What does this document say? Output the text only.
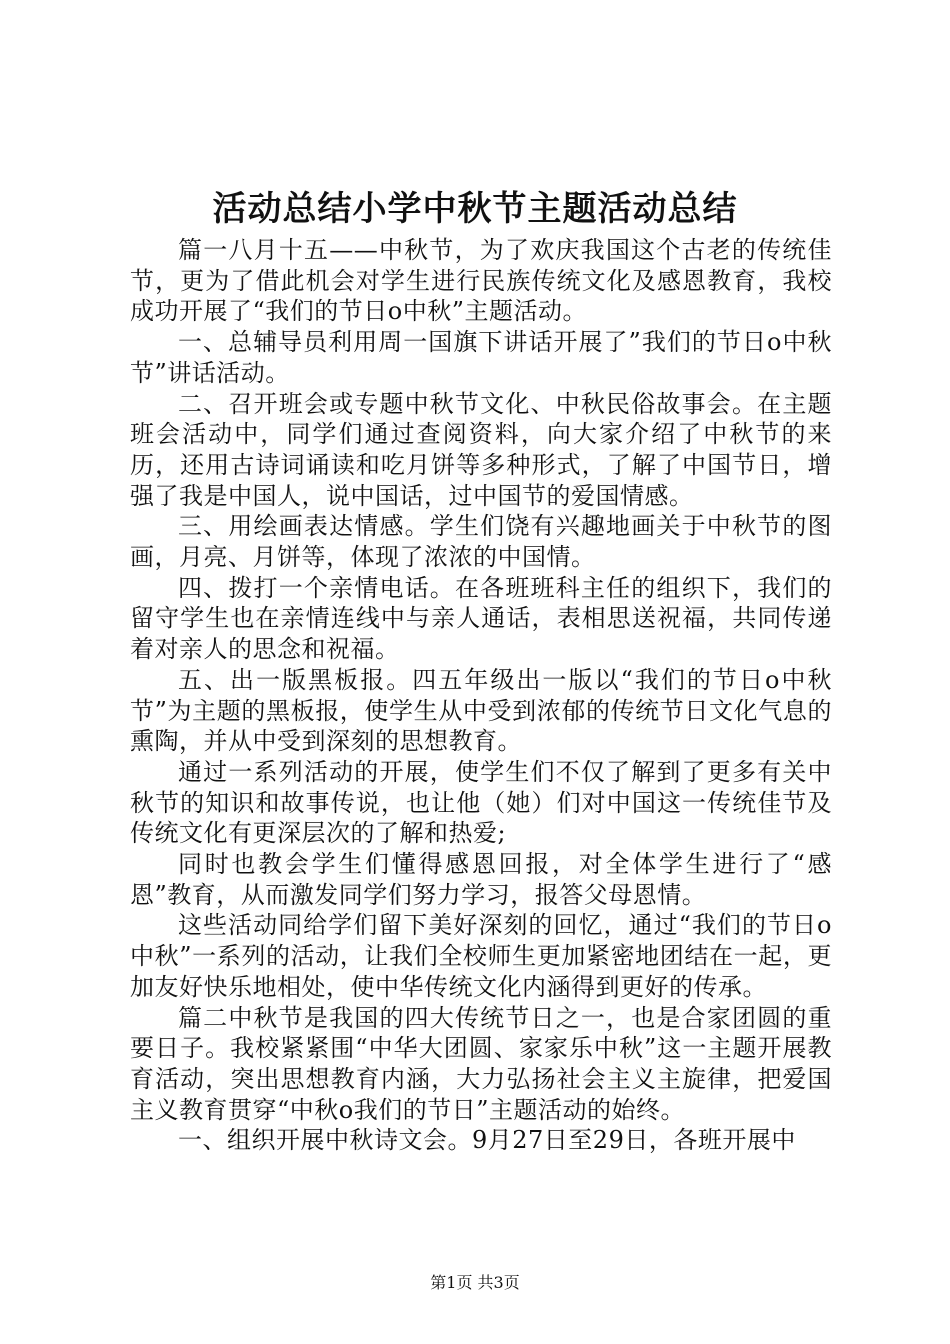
活动总结小学中秋节主题活动总结

篇一八月十五——中秋节，为了欢庆我国这个古老的传统佳节，更为了借此机会对学生进行民族传统文化及感恩教育，我校成功开展了“我们的节日o中秋”主题活动。

一、总辅导员利用周一国旗下讲话开展了”我们的节日o中秋节”讲话活动。

二、召开班会或专题中秋节文化、中秋民俗故事会。在主题班会活动中，同学们通过查阅资料，向大家介绍了中秋节的来历，还用古诗词诵读和吃月饼等多种形式，了解了中国节日，增强了我是中国人，说中国话，过中国节的爱国情感。

三、用绘画表达情感。学生们饶有兴趣地画关于中秋节的图画，月亮、月饼等，体现了浓浓的中国情。

四、拨打一个亲情电话。在各班班科主任的组织下，我们的留守学生也在亲情连线中与亲人通话，表相思送祝福，共同传递着对亲人的思念和祝福。

五、出一版黑板报。四五年级出一版以“我们的节日o中秋节”为主题的黑板报，使学生从中受到浓郁的传统节日文化气息的熏陶，并从中受到深刻的思想教育。

通过一系列活动的开展，使学生们不仅了解到了更多有关中秋节的知识和故事传说，也让他（她）们对中国这一传统佳节及传统文化有更深层次的了解和热爱;

同时也教会学生们懂得感恩回报，对全体学生进行了“感恩”教育，从而激发同学们努力学习，报答父母恩情。

这些活动同给学们留下美好深刻的回忆，通过“我们的节日o中秋”一系列的活动，让我们全校师生更加紧密地团结在一起，更加友好快乐地相处，使中华传统文化内涵得到更好的传承。

篇二中秋节是我国的四大传统节日之一，也是合家团圆的重要日子。我校紧紧围“中华大团圆、家家乐中秋”这一主题开展教育活动，突出思想教育内涵，大力弘扬社会主义主旋律，把爱国主义教育贯穿“中秋o我们的节日”主题活动的始终。

一、组织开展中秋诗文会。9月27日至29日，各班开展中

第1页 共3页
